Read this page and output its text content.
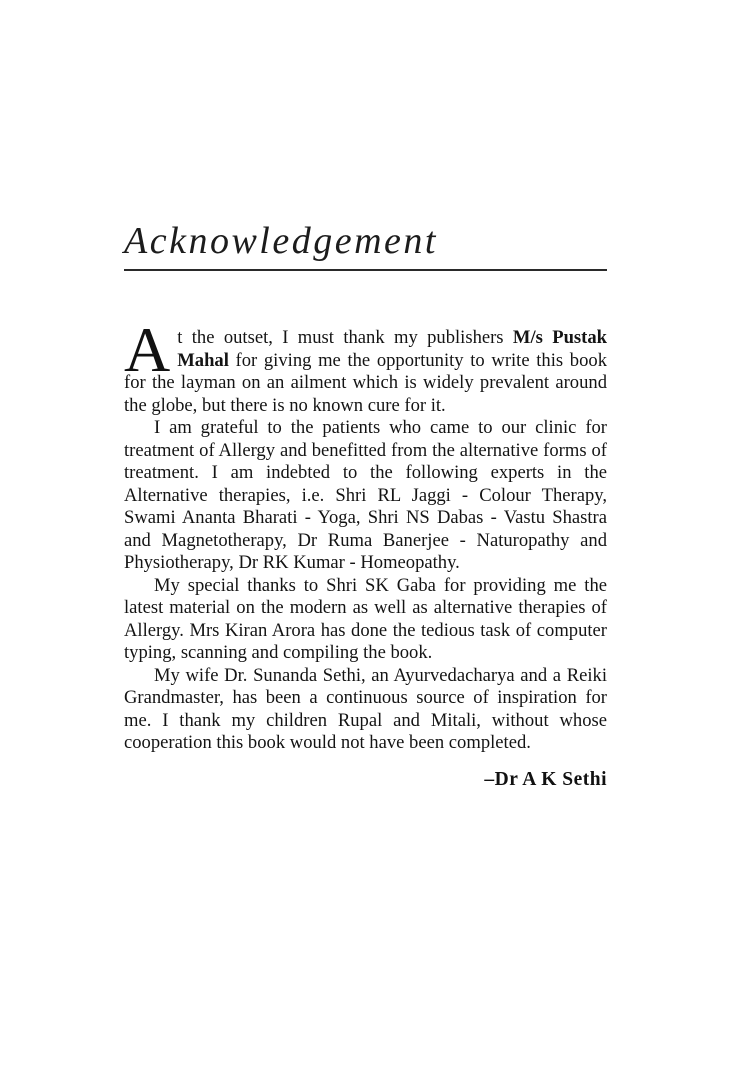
Acknowledgement

At the outset, I must thank my publishers M/s Pustak Mahal for giving me the opportunity to write this book for the layman on an ailment which is widely prevalent around the globe, but there is no known cure for it.

I am grateful to the patients who came to our clinic for treatment of Allergy and benefitted from the alternative forms of treatment. I am indebted to the following experts in the Alternative therapies, i.e. Shri RL Jaggi - Colour Therapy, Swami Ananta Bharati - Yoga, Shri NS Dabas - Vastu Shastra and Magnetotherapy, Dr Ruma Banerjee - Naturopathy and Physiotherapy, Dr RK Kumar - Homeopathy.

My special thanks to Shri SK Gaba for providing me the latest material on the modern as well as alternative therapies of Allergy. Mrs Kiran Arora has done the tedious task of computer typing, scanning and compiling the book.

My wife Dr. Sunanda Sethi, an Ayurvedacharya and a Reiki Grandmaster, has been a continuous source of inspiration for me. I thank my children Rupal and Mitali, without whose cooperation this book would not have been completed.

–Dr A K Sethi
